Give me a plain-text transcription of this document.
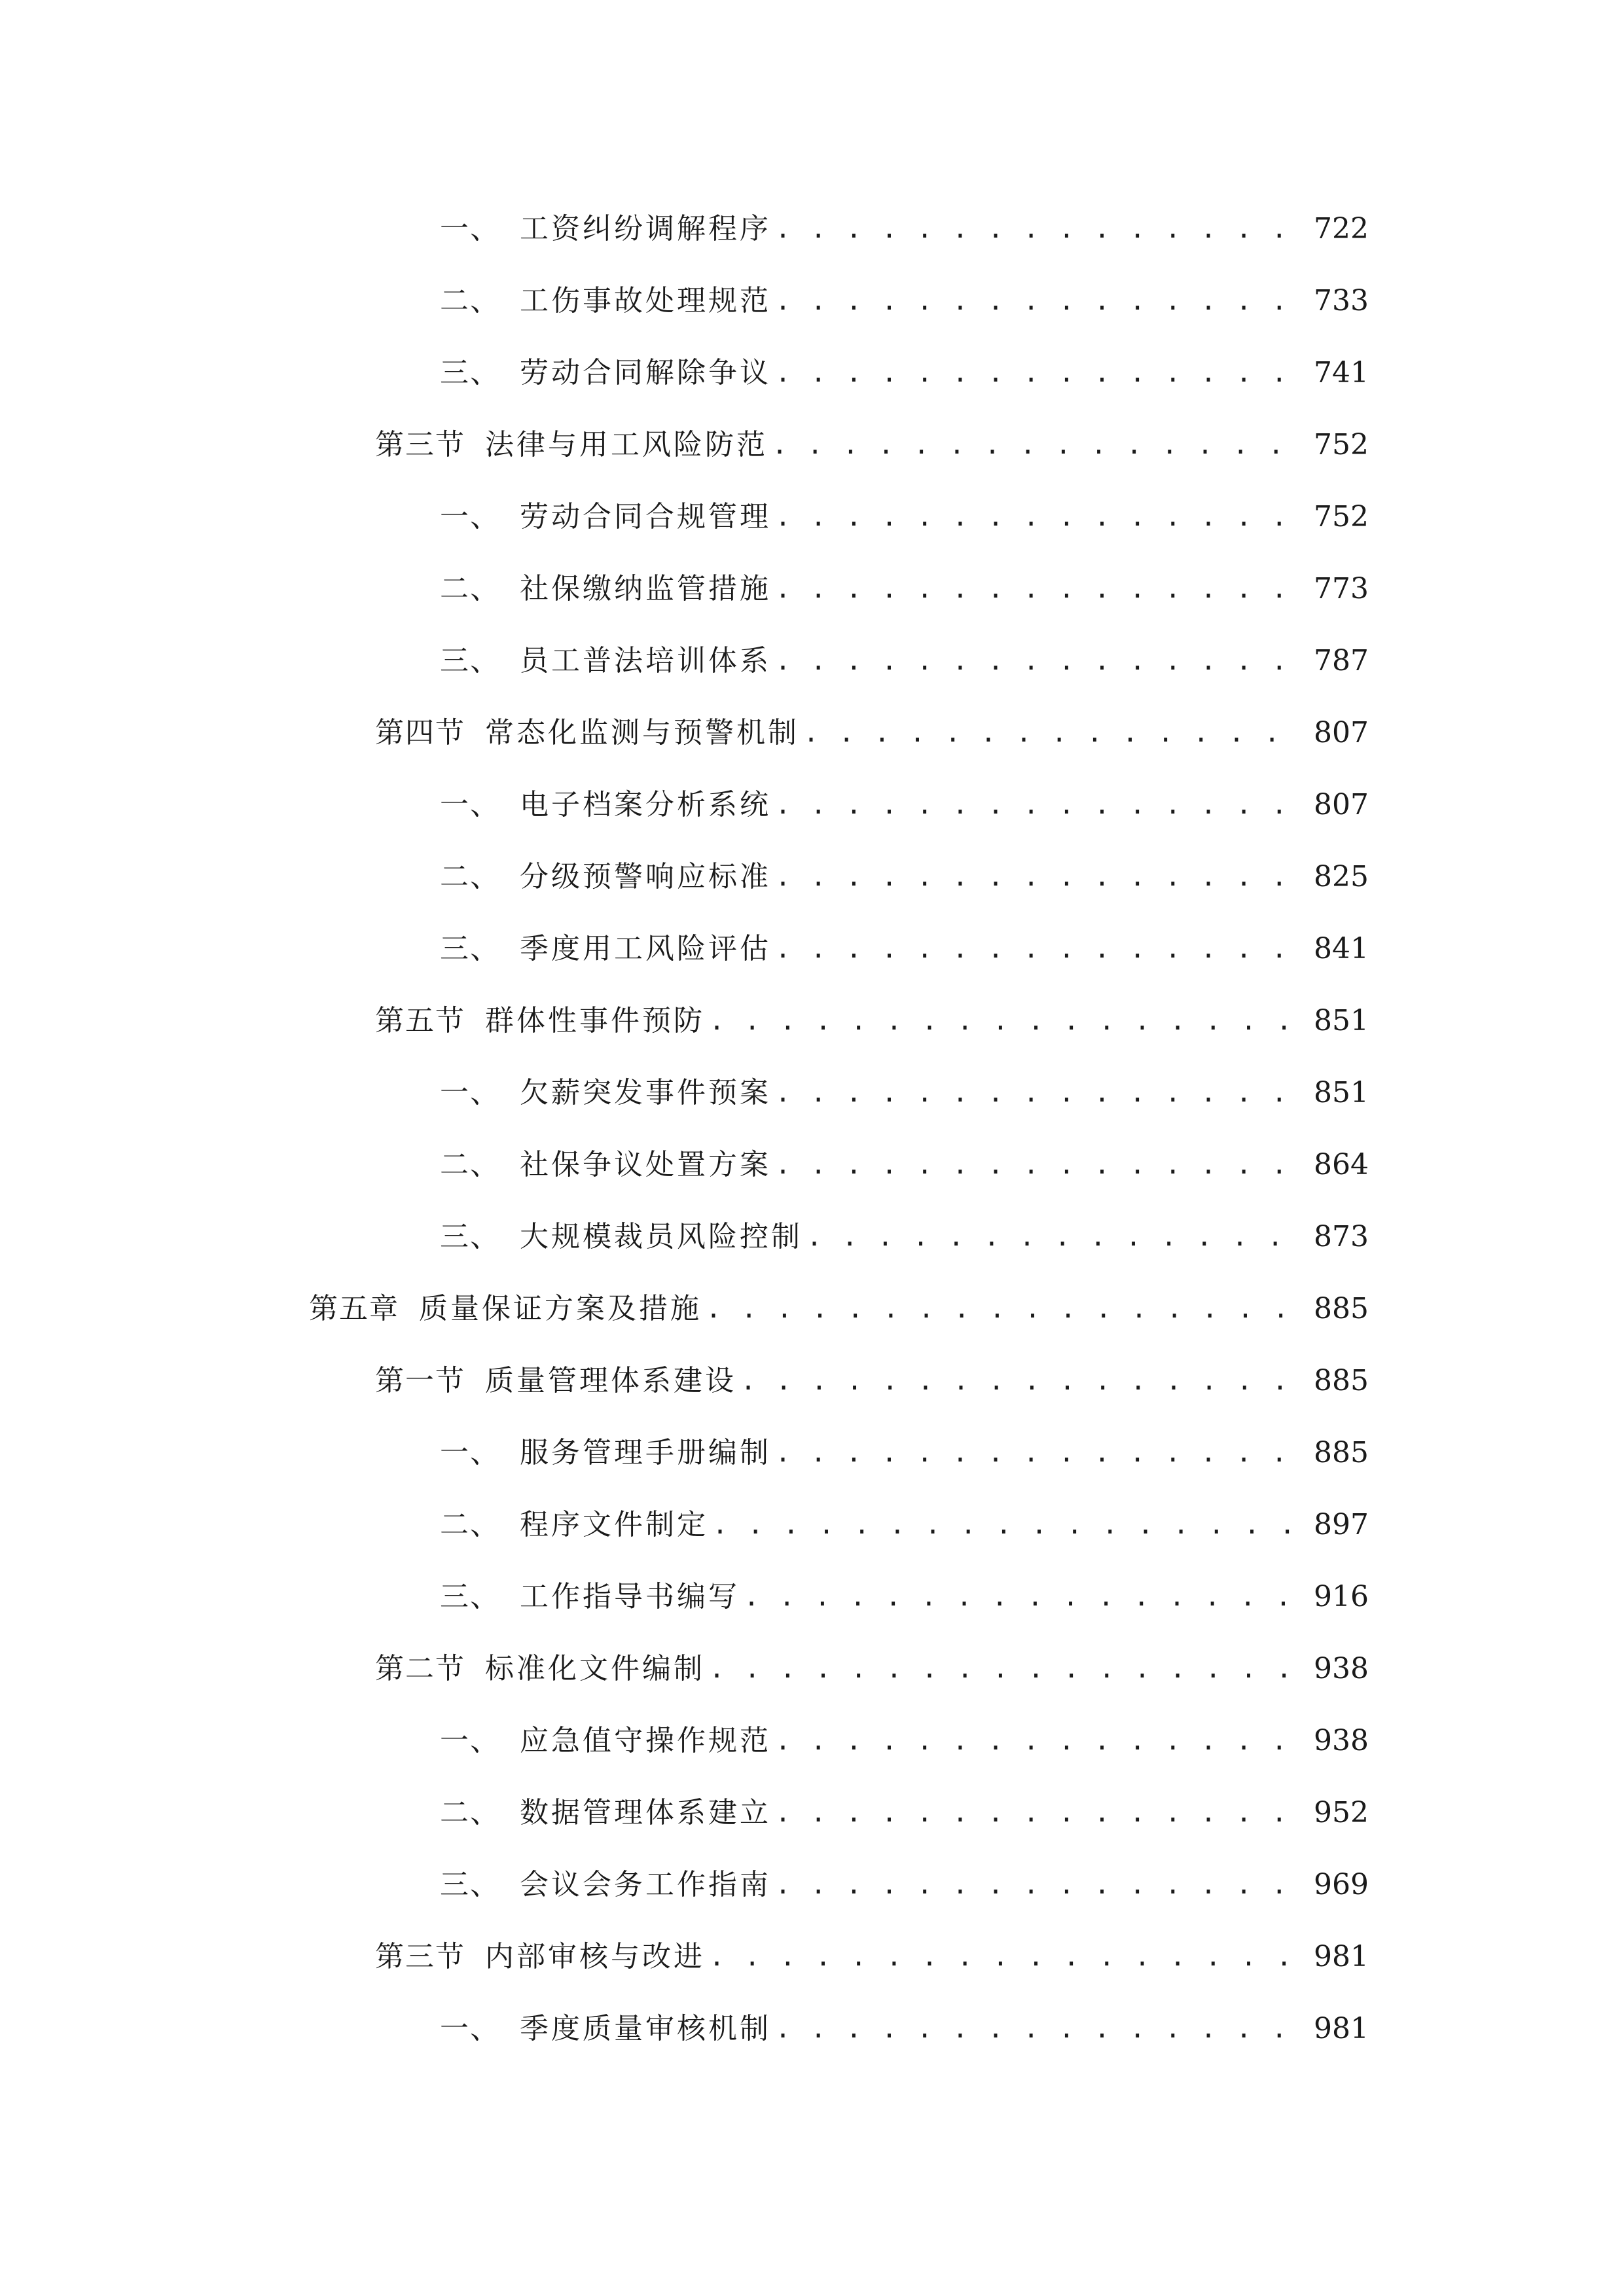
一、 工资纠纷调解程序 . . .	722
二、 工伤事故处理规范 . . .	733
三、 劳动合同解除争议 . . .	741
第三节 法律与用工风险防范 . . .	752
一、 劳动合同合规管理 . . .	752
二、 社保缴纳监管措施 . . .	773
三、 员工普法培训体系 . . .	787
第四节 常态化监测与预警机制 . . .	807
一、 电子档案分析系统 . . .	807
二、 分级预警响应标准 . . .	825
三、 季度用工风险评估 . . .	841
第五节 群体性事件预防 . . .	851
一、 欠薪突发事件预案 . . .	851
二、 社保争议处置方案 . . .	864
三、 大规模裁员风险控制 . . .	873
第五章 质量保证方案及措施 . . .	885
第一节 质量管理体系建设 . . .	885
一、 服务管理手册编制 . . .	885
二、 程序文件制定 . . .	897
三、 工作指导书编写 . . .	916
第二节 标准化文件编制 . . .	938
一、 应急值守操作规范 . . .	938
二、 数据管理体系建立 . . .	952
三、 会议会务工作指南 . . .	969
第三节 内部审核与改进 . . .	981
一、 季度质量审核机制 . . .	981
